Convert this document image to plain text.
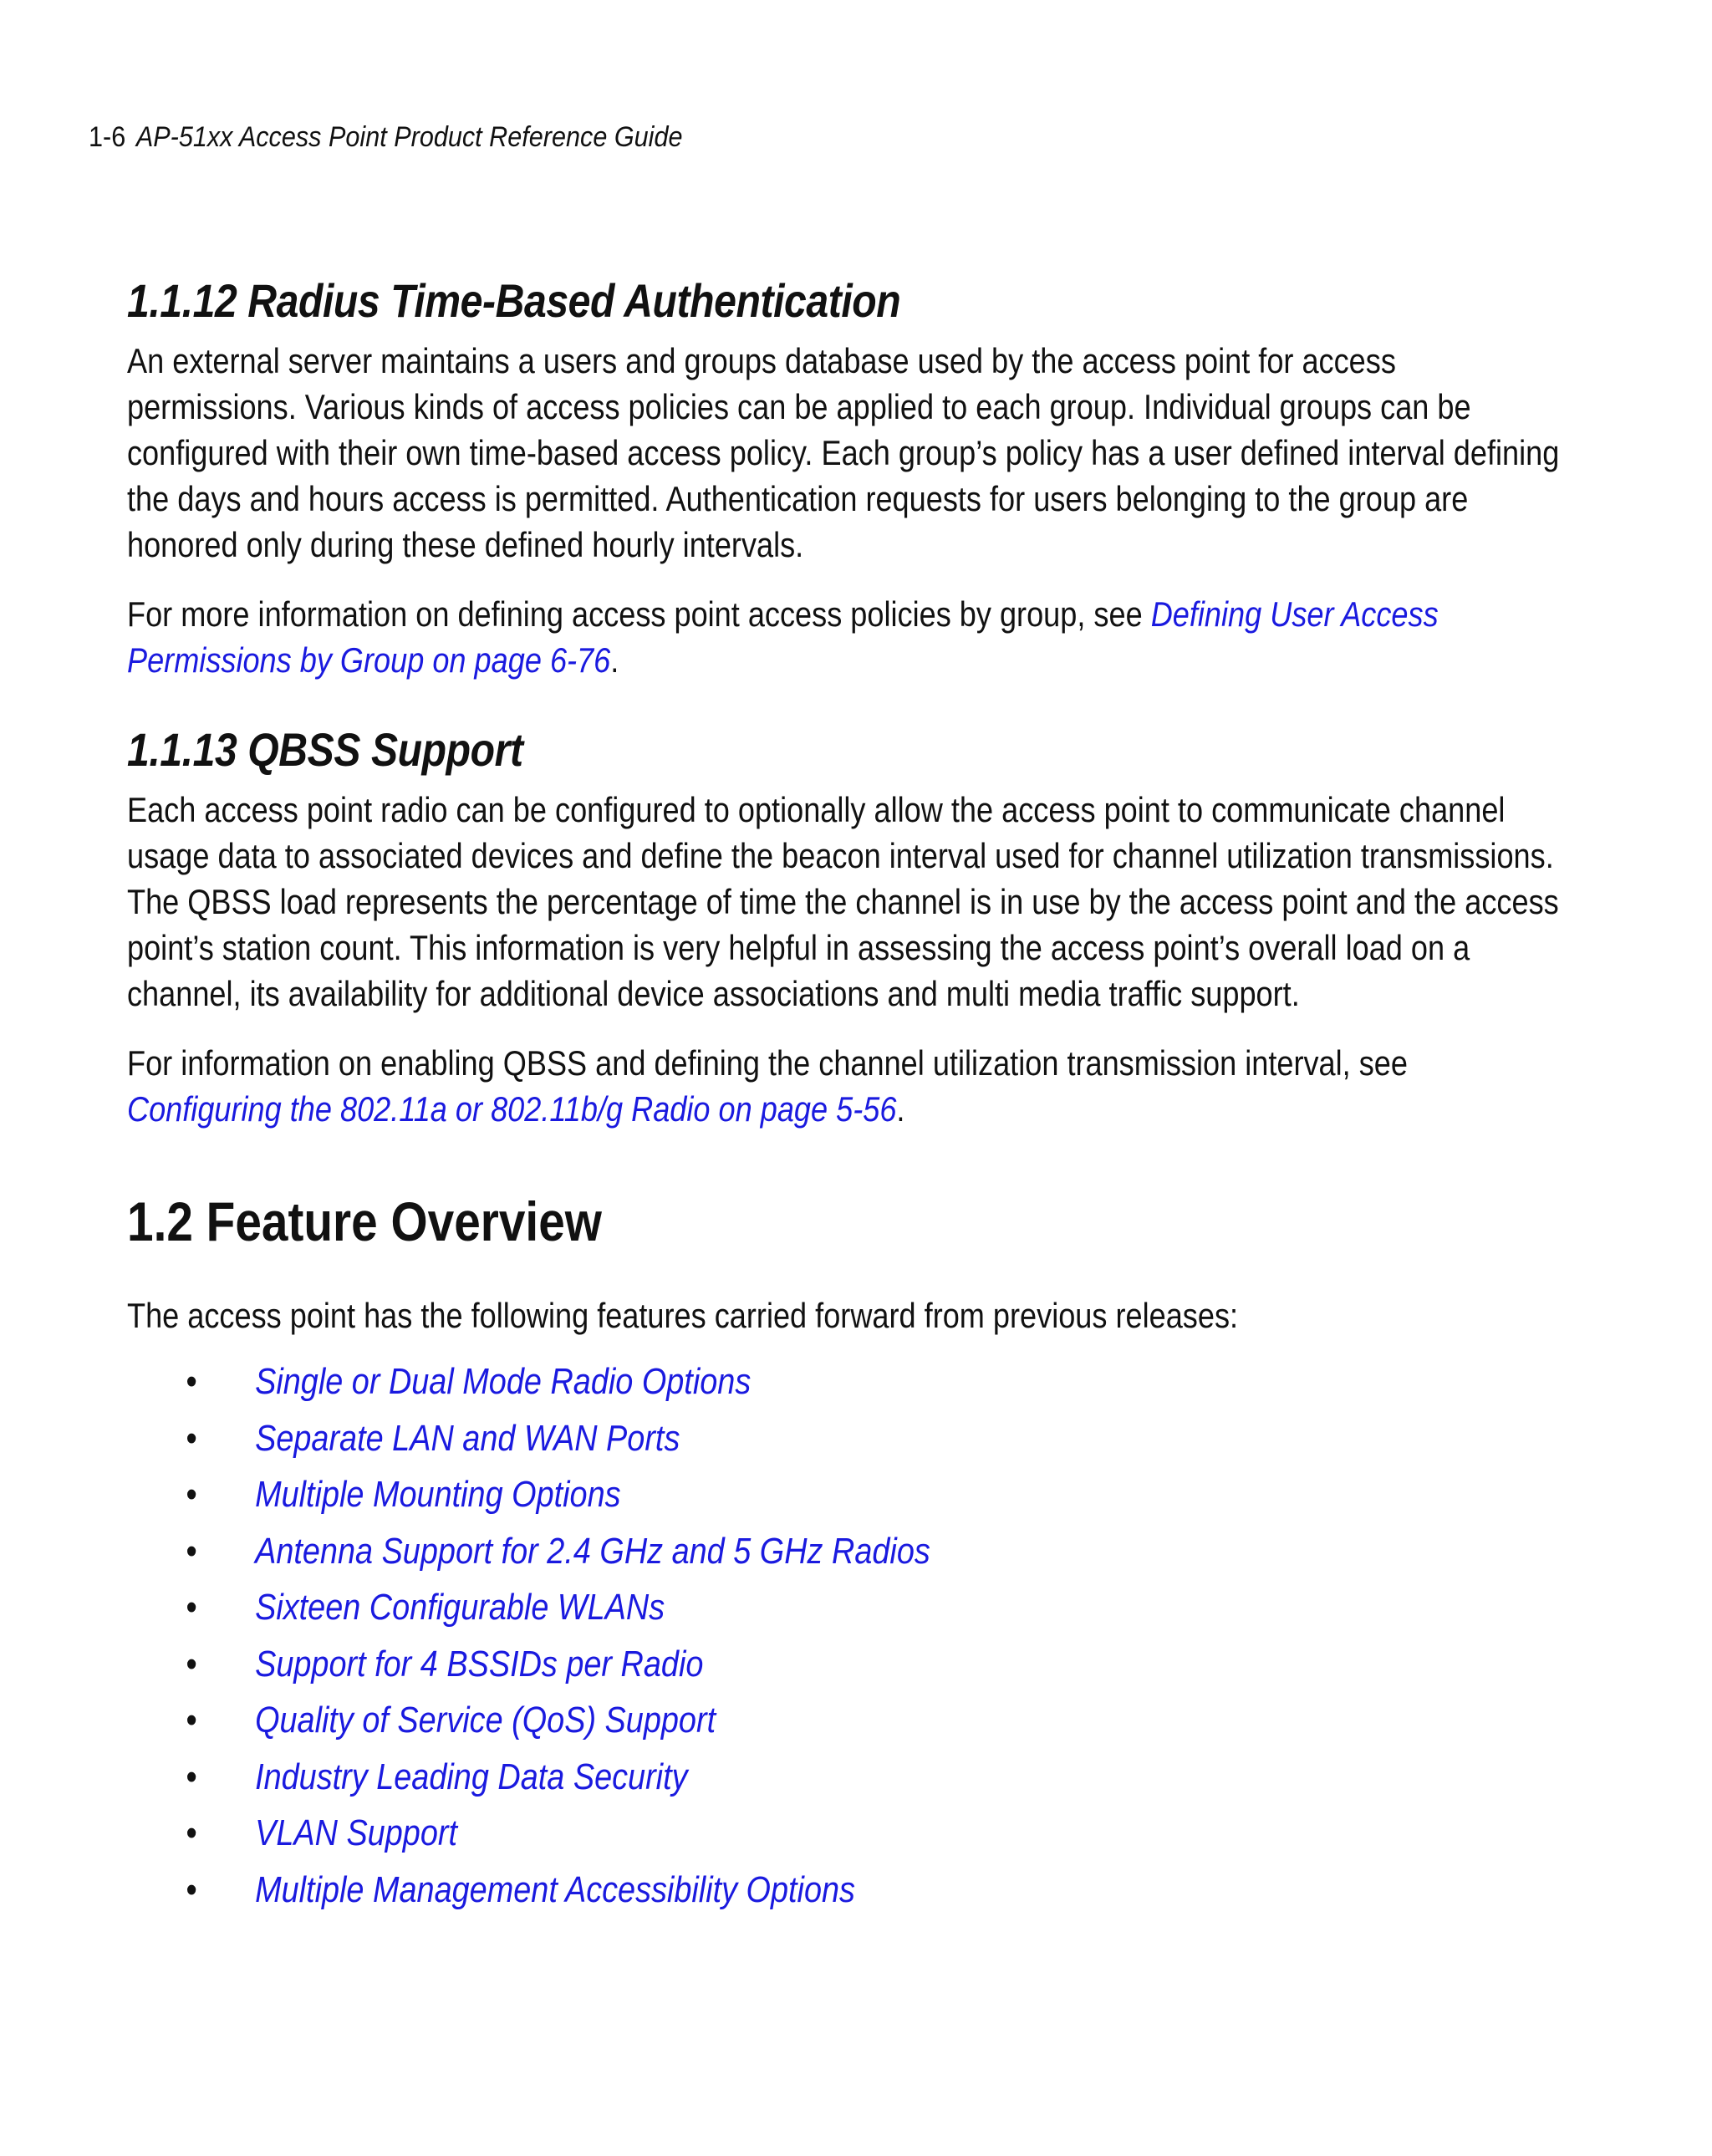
1-6 AP-51xx Access Point Product Reference Guide
1.1.12 Radius Time-Based Authentication

An external server maintains a users and groups database used by the access point for access permissions. Various kinds of access policies can be applied to each group. Individual groups can be configured with their own time-based access policy. Each group’s policy has a user defined interval defining the days and hours access is permitted. Authentication requests for users belonging to the group are honored only during these defined hourly intervals.

For more information on defining access point access policies by group, see Defining User Access Permissions by Group on page 6-76.

1.1.13 QBSS Support

Each access point radio can be configured to optionally allow the access point to communicate channel usage data to associated devices and define the beacon interval used for channel utilization transmissions. The QBSS load represents the percentage of time the channel is in use by the access point and the access point’s station count. This information is very helpful in assessing the access point’s overall load on a channel, its availability for additional device associations and multi media traffic support.

For information on enabling QBSS and defining the channel utilization transmission interval, see Configuring the 802.11a or 802.11b/g Radio on page 5-56.

1.2 Feature Overview

The access point has the following features carried forward from previous releases:

• Single or Dual Mode Radio Options
• Separate LAN and WAN Ports
• Multiple Mounting Options
• Antenna Support for 2.4 GHz and 5 GHz Radios
• Sixteen Configurable WLANs
• Support for 4 BSSIDs per Radio
• Quality of Service (QoS) Support
• Industry Leading Data Security
• VLAN Support
• Multiple Management Accessibility Options
